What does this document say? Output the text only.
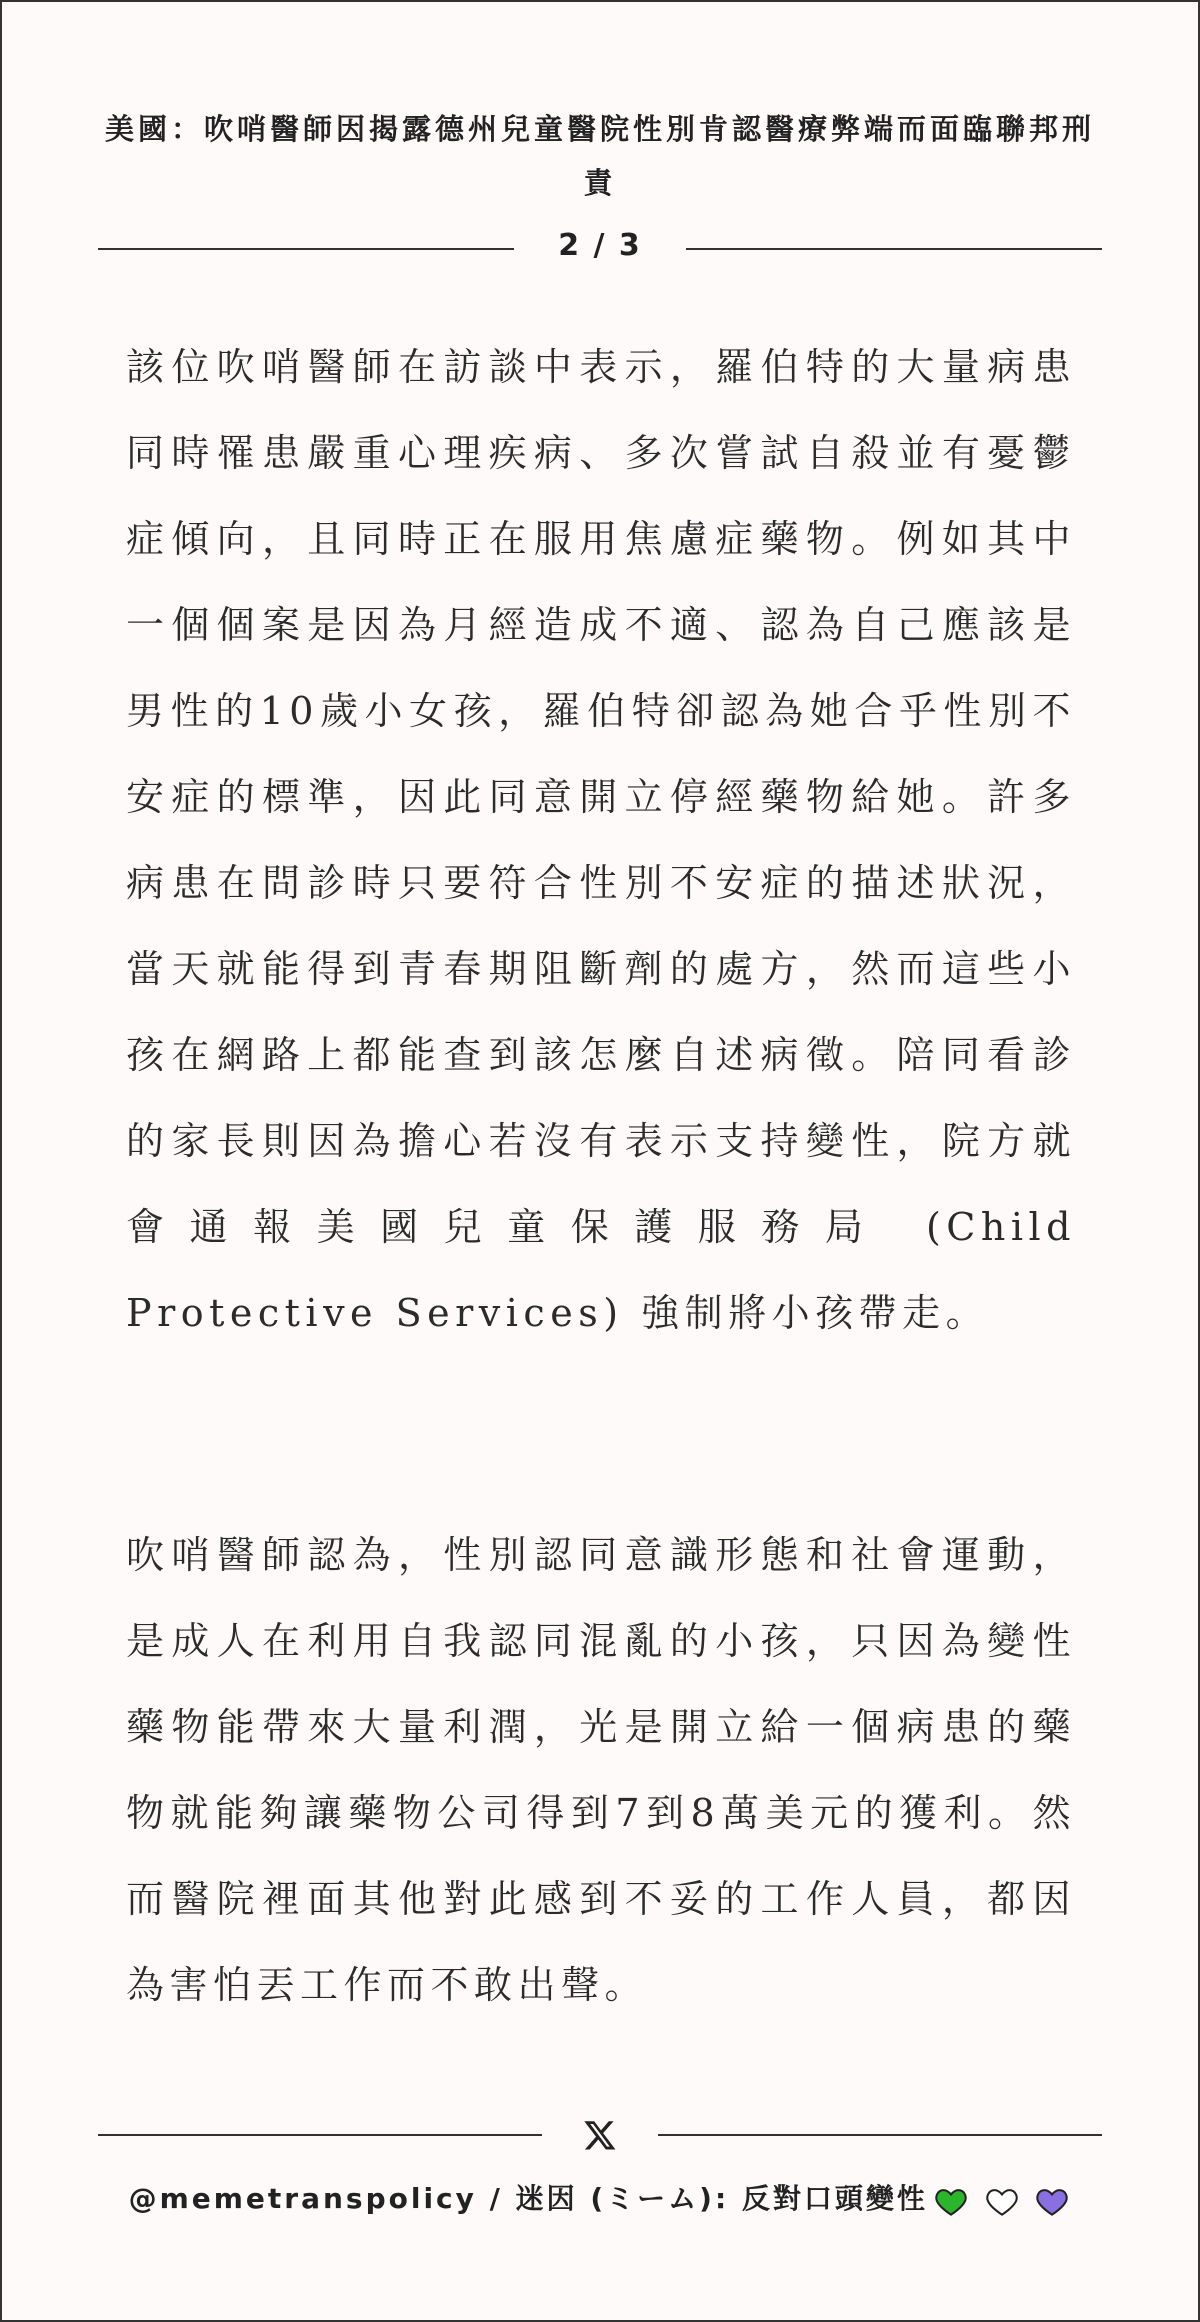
美國：吹哨醫師因揭露德州兒童醫院性別肯認醫療弊端而面臨聯邦刑責
2 / 3

該位吹哨醫師在訪談中表示，羅伯特的大量病患同時罹患嚴重心理疾病、多次嘗試自殺並有憂鬱症傾向，且同時正在服用焦慮症藥物。例如其中一個個案是因為月經造成不適、認為自己應該是男性的10歲小女孩，羅伯特卻認為她合乎性別不安症的標準，因此同意開立停經藥物給她。許多病患在問診時只要符合性別不安症的描述狀況，當天就能得到青春期阻斷劑的處方，然而這些小孩在網路上都能查到該怎麼自述病徵。陪同看診的家長則因為擔心若沒有表示支持變性，院方就會通報美國兒童保護服務局 (Child Protective Services) 強制將小孩帶走。

吹哨醫師認為，性別認同意識形態和社會運動，是成人在利用自我認同混亂的小孩，只因為變性藥物能帶來大量利潤，光是開立給一個病患的藥物就能夠讓藥物公司得到7到8萬美元的獲利。然而醫院裡面其他對此感到不妥的工作人員，都因為害怕丟工作而不敢出聲。

@memetranspolicy / 迷因 (ミーム): 反對口頭變性
